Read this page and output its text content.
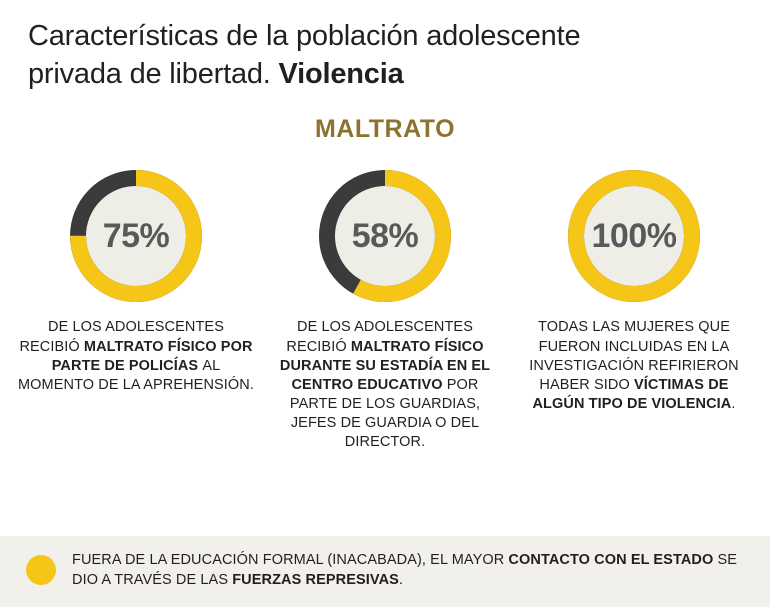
Características de la población adolescente
privada de libertad. Violencia
MALTRATO
75%
DE LOS ADOLESCENTES RECIBIÓ MALTRATO FÍSICO POR PARTE DE POLICÍAS AL MOMENTO DE LA APREHENSIÓN.
58%
DE LOS ADOLESCENTES RECIBIÓ MALTRATO FÍSICO DURANTE SU ESTADÍA EN EL CENTRO EDUCATIVO POR PARTE DE LOS GUARDIAS, JEFES DE GUARDIA O DEL DIRECTOR.
100%
TODAS LAS MUJERES QUE FUERON INCLUIDAS EN LA INVESTIGACIÓN REFIRIERON HABER SIDO VÍCTIMAS DE ALGÚN TIPO DE VIOLENCIA.
FUERA DE LA EDUCACIÓN FORMAL (INACABADA), EL MAYOR CONTACTO CON EL ESTADO SE DIO A TRAVÉS DE LAS FUERZAS REPRESIVAS.
